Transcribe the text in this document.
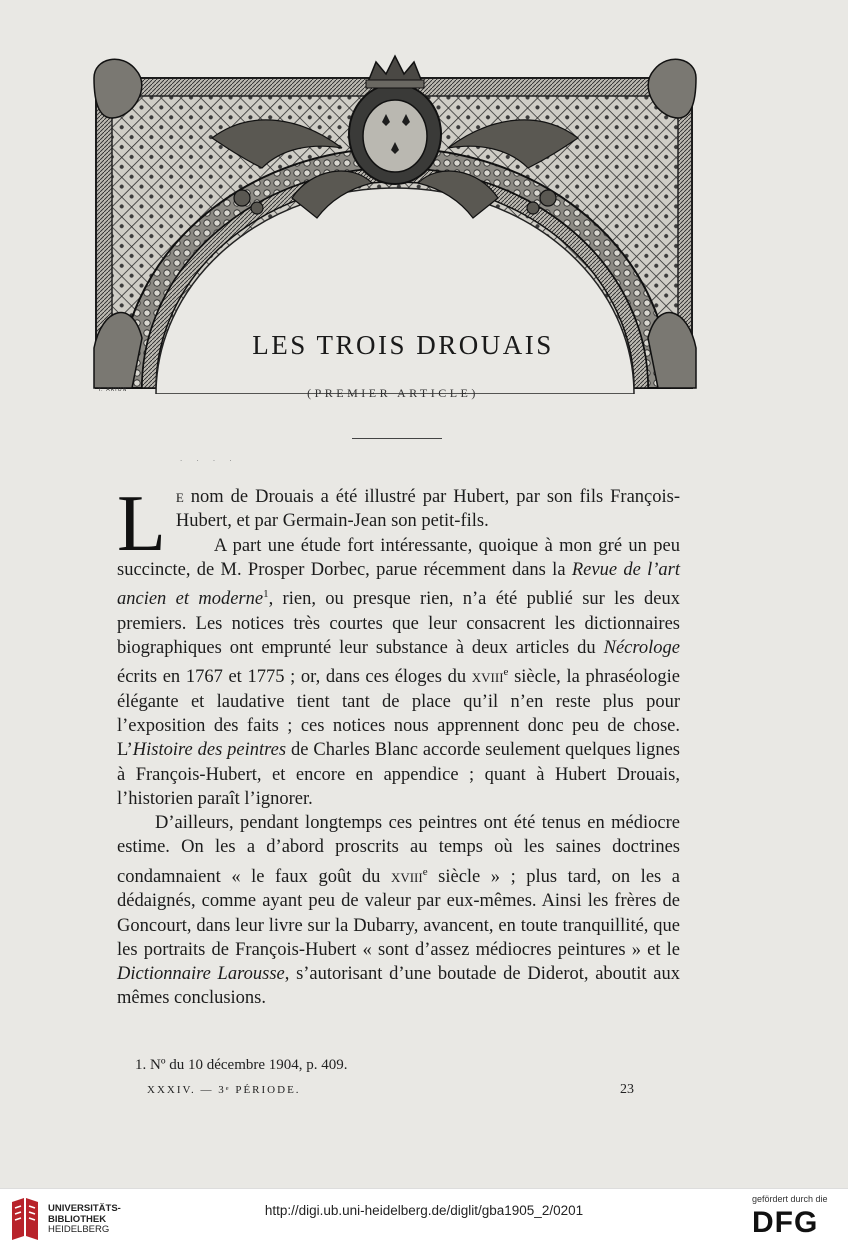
Y. ARION
LES TROIS DROUAIS
(PREMIER ARTICLE)
· · · ·

Le nom de Drouais a été illustré par Hubert, par son fils François-Hubert, et par Germain-Jean son petit-fils.

A part une étude fort intéressante, quoique à mon gré un peu succincte, de M. Prosper Dorbec, parue récemment dans la Revue de l’art ancien et moderne$^1$, rien, ou presque rien, n’a été publié sur les deux premiers. Les notices très courtes que leur consacrent les dictionnaires biographiques ont emprunté leur substance à deux articles du Nécrologe écrits en 1767 et 1775 ; or, dans ces éloges du xviii$^e$ siècle, la phraséologie élégante et laudative tient tant de place qu’il n’en reste plus pour l’exposition des faits ; ces notices nous apprennent donc peu de chose. L’Histoire des peintres de Charles Blanc accorde seulement quelques lignes à François-Hubert, et encore en appendice ; quant à Hubert Drouais, l’historien paraît l’ignorer.

D’ailleurs, pendant longtemps ces peintres ont été tenus en médiocre estime. On les a d’abord proscrits au temps où les saines doctrines condamnaient « le faux goût du xviii$^e$ siècle » ; plus tard, on les a dédaignés, comme ayant peu de valeur par eux-mêmes. Ainsi les frères de Goncourt, dans leur livre sur la Dubarry, avancent, en toute tranquillité, que les portraits de François-Hubert « sont d’assez médiocres peintures » et le Dictionnaire Larousse, s’autorisant d’une boutade de Diderot, aboutit aux mêmes conclusions.

1. Nº du 10 décembre 1904, p. 409.
XXXIV. — 3ᵉ PÉRIODE.	23
UNIVERSITÄTS-
BIBLIOTHEK
HEIDELBERG
http://digi.ub.uni-heidelberg.de/diglit/gba1905_2/0201
gefördert durch die
DFG
